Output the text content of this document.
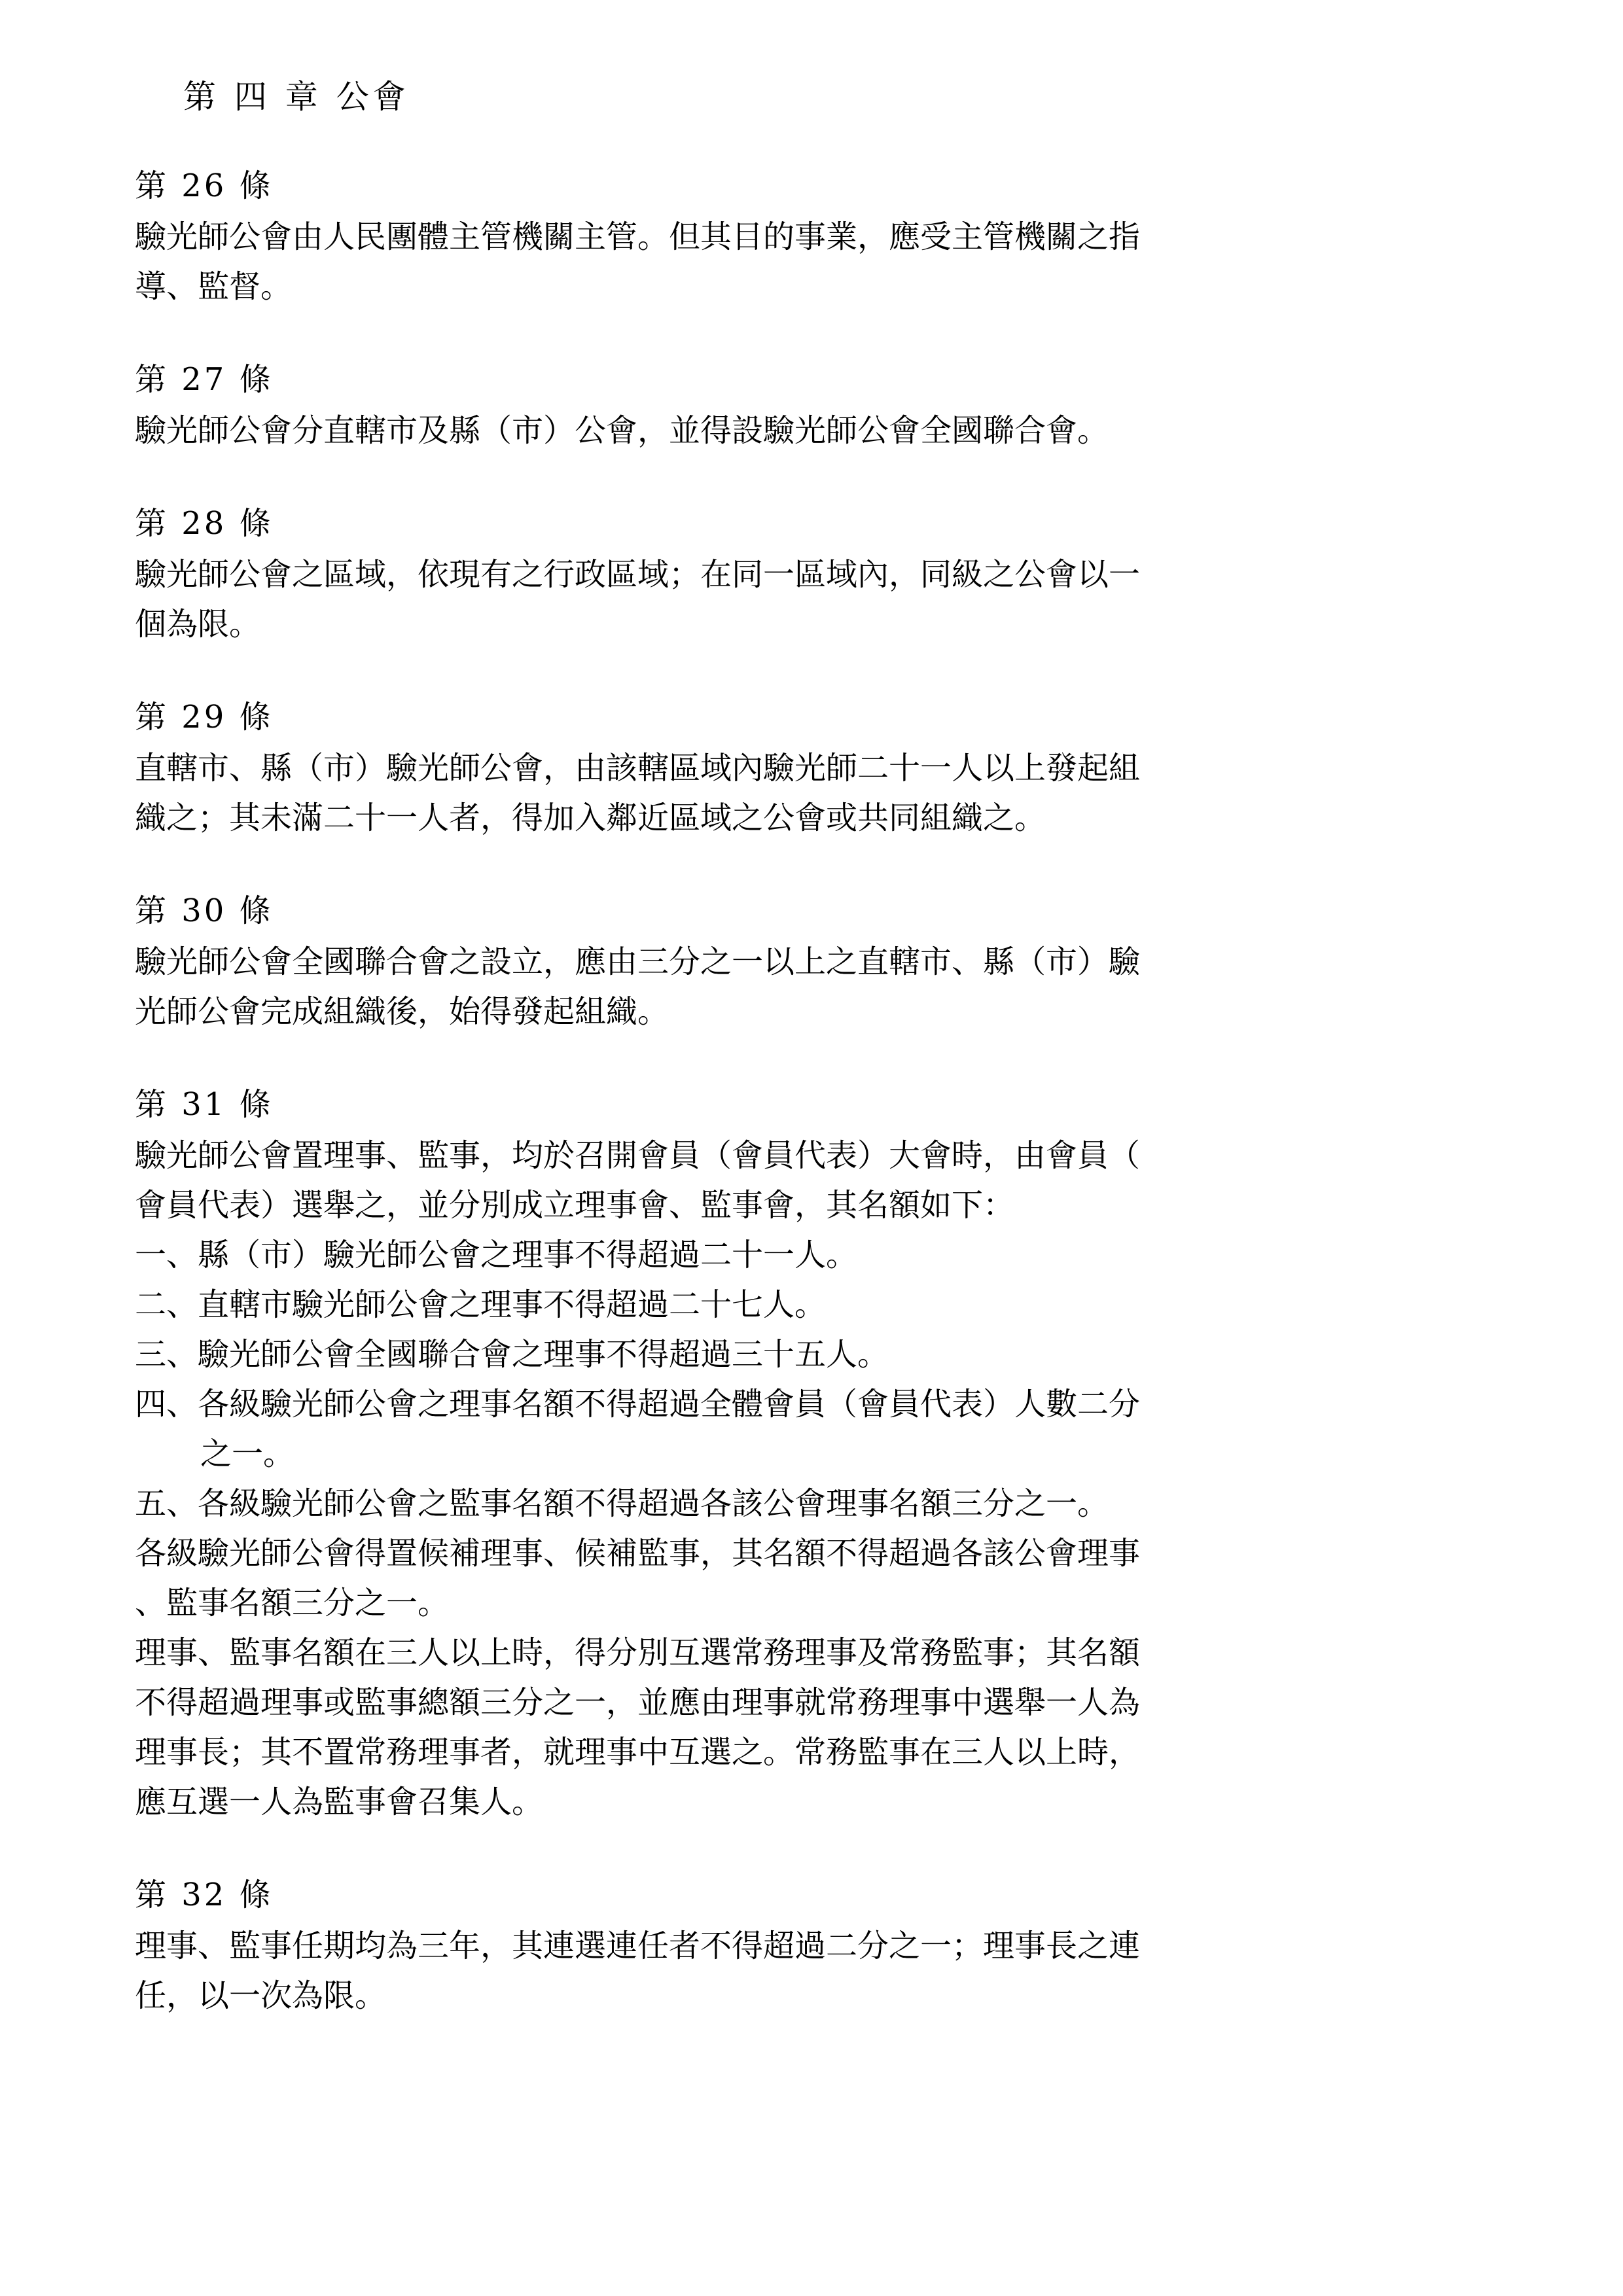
第 四 章 公會
第 26 條
驗光師公會由人民團體主管機關主管。但其目的事業，應受主管機關之指
導、監督。
第 27 條
驗光師公會分直轄市及縣（市）公會，並得設驗光師公會全國聯合會。
第 28 條
驗光師公會之區域，依現有之行政區域；在同一區域內，同級之公會以一
個為限。
第 29 條
直轄市、縣（市）驗光師公會，由該轄區域內驗光師二十一人以上發起組
織之；其未滿二十一人者，得加入鄰近區域之公會或共同組織之。
第 30 條
驗光師公會全國聯合會之設立，應由三分之一以上之直轄市、縣（市）驗
光師公會完成組織後，始得發起組織。
第 31 條
驗光師公會置理事、監事，均於召開會員（會員代表）大會時，由會員（
會員代表）選舉之，並分別成立理事會、監事會，其名額如下：
一、縣（市）驗光師公會之理事不得超過二十一人。
二、直轄市驗光師公會之理事不得超過二十七人。
三、驗光師公會全國聯合會之理事不得超過三十五人。
四、各級驗光師公會之理事名額不得超過全體會員（會員代表）人數二分
之一。
五、各級驗光師公會之監事名額不得超過各該公會理事名額三分之一。
各級驗光師公會得置候補理事、候補監事，其名額不得超過各該公會理事
、監事名額三分之一。
理事、監事名額在三人以上時，得分別互選常務理事及常務監事；其名額
不得超過理事或監事總額三分之一，並應由理事就常務理事中選舉一人為
理事長；其不置常務理事者，就理事中互選之。常務監事在三人以上時，
應互選一人為監事會召集人。
第 32 條
理事、監事任期均為三年，其連選連任者不得超過二分之一；理事長之連
任，以一次為限。
